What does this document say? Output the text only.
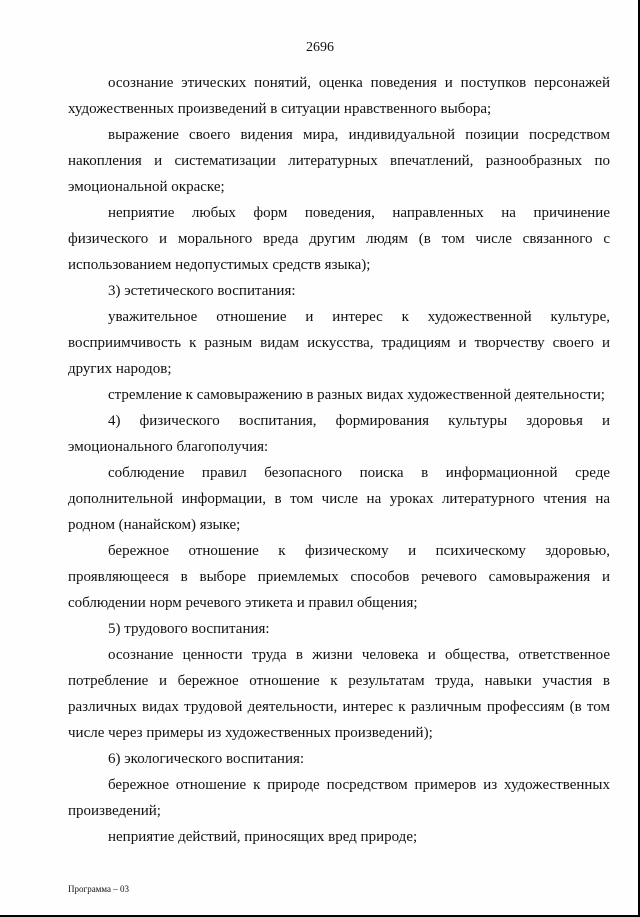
2696

осознание этических понятий, оценка поведения и поступков персонажей художественных произведений в ситуации нравственного выбора;

выражение своего видения мира, индивидуальной позиции посредством накопления и систематизации литературных впечатлений, разнообразных по эмоциональной окраске;

неприятие любых форм поведения, направленных на причинение физического и морального вреда другим людям (в том числе связанного с использованием недопустимых средств языка);

3) эстетического воспитания:

уважительное отношение и интерес к художественной культуре, восприимчивость к разным видам искусства, традициям и творчеству своего и других народов;

стремление к самовыражению в разных видах художественной деятельности;

4) физического воспитания, формирования культуры здоровья и эмоционального благополучия:

соблюдение правил безопасного поиска в информационной среде дополнительной информации, в том числе на уроках литературного чтения на родном (нанайском) языке;

бережное отношение к физическому и психическому здоровью, проявляющееся в выборе приемлемых способов речевого самовыражения и соблюдении норм речевого этикета и правил общения;

5) трудового воспитания:

осознание ценности труда в жизни человека и общества, ответственное потребление и бережное отношение к результатам труда, навыки участия в различных видах трудовой деятельности, интерес к различным профессиям (в том числе через примеры из художественных произведений);

6) экологического воспитания:

бережное отношение к природе посредством примеров из художественных произведений;

неприятие действий, приносящих вред природе;

Программа – 03
